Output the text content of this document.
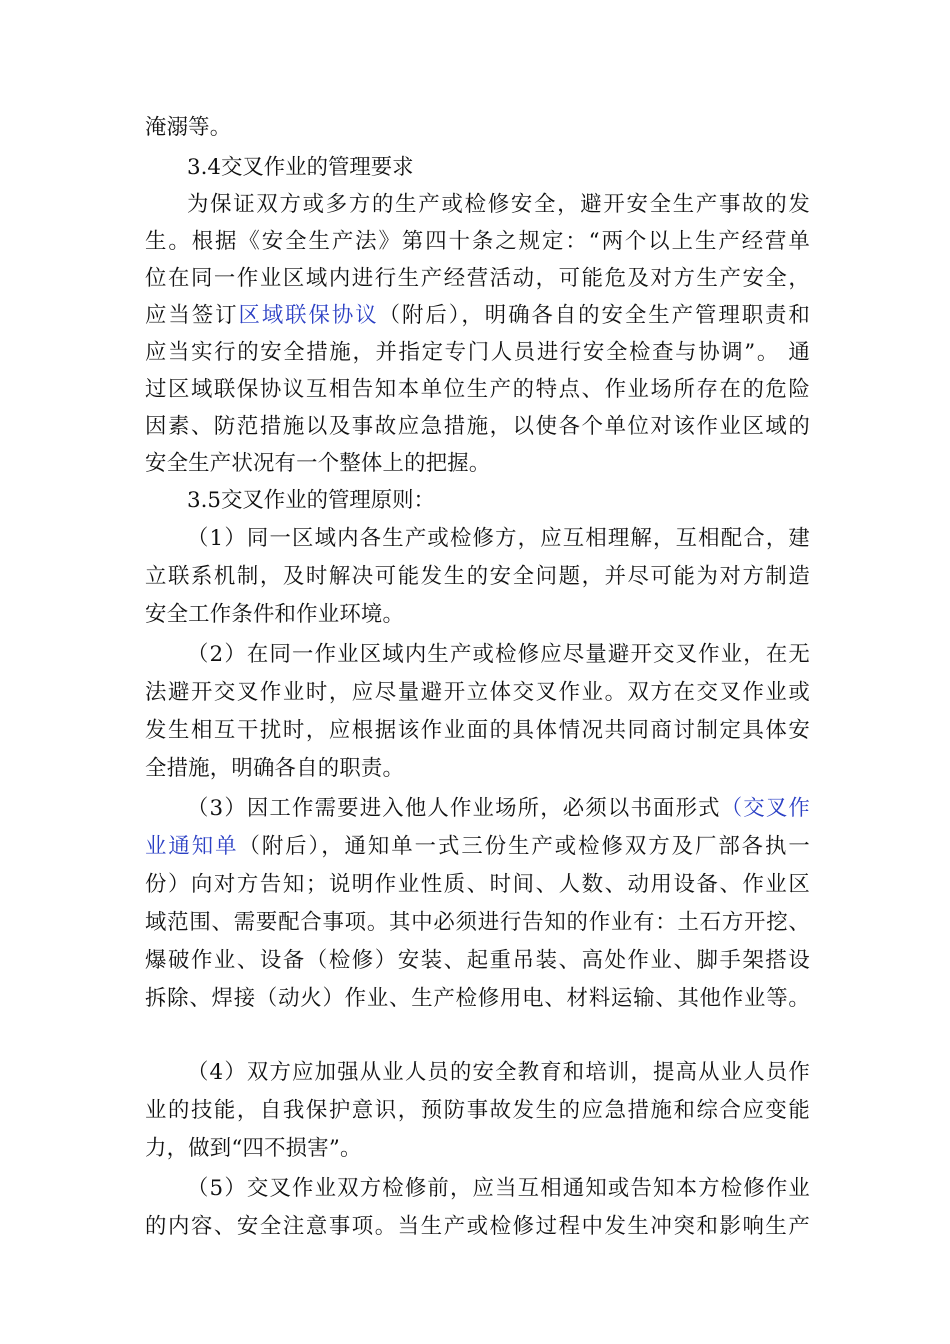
淹溺等。
3.4交叉作业的管理要求
为保证双方或多方的生产或检修安全，避开安全生产事故的发
生。根据《安全生产法》第四十条之规定：“两个以上生产经营单
位在同一作业区域内进行生产经营活动，可能危及对方生产安全，
应当签订区域联保协议（附后），明确各自的安全生产管理职责和
应当实行的安全措施，并指定专门人员进行安全检查与协调”。 通
过区域联保协议互相告知本单位生产的特点、作业场所存在的危险
因素、防范措施以及事故应急措施，以使各个单位对该作业区域的
安全生产状况有一个整体上的把握。
3.5交叉作业的管理原则：
（1）同一区域内各生产或检修方，应互相理解，互相配合，建
立联系机制，及时解决可能发生的安全问题，并尽可能为对方制造
安全工作条件和作业环境。
（2）在同一作业区域内生产或检修应尽量避开交叉作业，在无
法避开交叉作业时，应尽量避开立体交叉作业。双方在交叉作业或
发生相互干扰时，应根据该作业面的具体情况共同商讨制定具体安
全措施，明确各自的职责。
（3）因工作需要进入他人作业场所，必须以书面形式（交叉作
业通知单（附后），通知单一式三份生产或检修双方及厂部各执一
份）向对方告知；说明作业性质、时间、人数、动用设备、作业区
域范围、需要配合事项。其中必须进行告知的作业有：土石方开挖、
爆破作业、设备（检修）安装、起重吊装、高处作业、脚手架搭设
拆除、焊接（动火）作业、生产检修用电、材料运输、其他作业等。
（4）双方应加强从业人员的安全教育和培训，提高从业人员作
业的技能，自我保护意识，预防事故发生的应急措施和综合应变能
力，做到“四不损害”。
（5）交叉作业双方检修前，应当互相通知或告知本方检修作业
的内容、安全注意事项。当生产或检修过程中发生冲突和影响生产
